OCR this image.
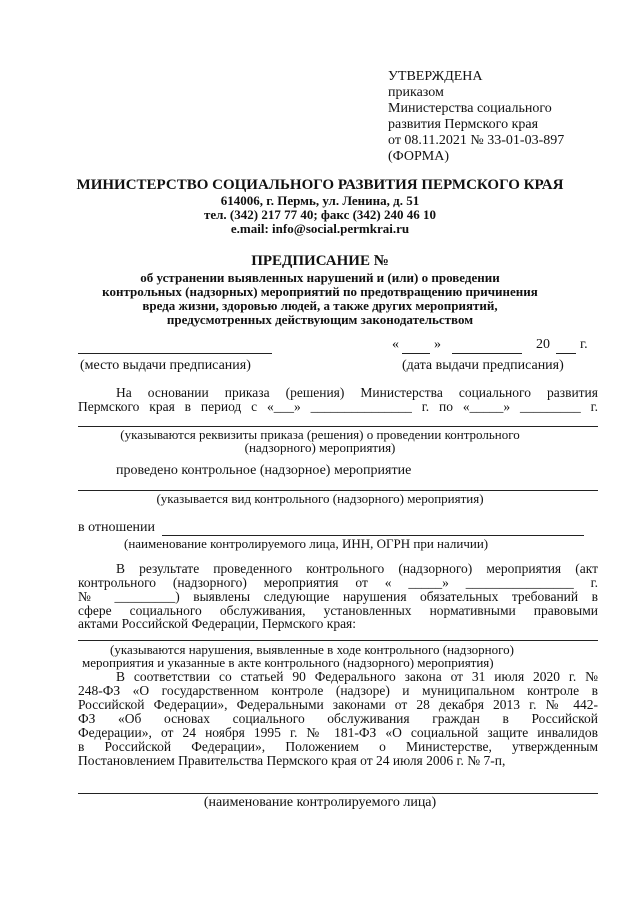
УТВЕРЖДЕНА
приказом
Министерства социального
развития Пермского края
от 08.11.2021 № 33-01-03-897
(ФОРМА)
МИНИСТЕРСТВО СОЦИАЛЬНОГО РАЗВИТИЯ ПЕРМСКОГО КРАЯ
614006, г. Пермь, ул. Ленина, д. 51
тел. (342) 217 77 40; факс (342) 240 46 10
e.mail: info@social.permkrai.ru
ПРЕДПИСАНИЕ №
об устранении выявленных нарушений и (или) о проведении
контрольных (надзорных) мероприятий по предотвращению причинения
вреда жизни, здоровью людей, а также других мероприятий,
предусмотренных действующим законодательством
«	»	20 г.
(место выдачи предписания)	(дата выдачи предписания)
На основании приказа (решения) Министерства социального развития
Пермского края в период с «___» _______________ г. по «_____» _________ г.
(указываются реквизиты приказа (решения) о проведении контрольного
(надзорного) мероприятия)
проведено контрольное (надзорное) мероприятие
(указывается вид контрольного (надзорного) мероприятия)
в отношении
(наименование контролируемого лица, ИНН, ОГРН при наличии)
В результате проведенного контрольного (надзорного) мероприятия (акт
контрольного (надзорного) мероприятия от « _____» ________________ г.
№ _________) выявлены следующие нарушения обязательных требований в
сфере социального обслуживания, установленных нормативными правовыми
актами Российской Федерации, Пермского края:
(указываются нарушения, выявленные в ходе контрольного (надзорного)
мероприятия и указанные в акте контрольного (надзорного) мероприятия)
В соответствии со статьей 90 Федерального закона от 31 июля 2020 г. №
248-ФЗ «О государственном контроле (надзоре) и муниципальном контроле в
Российской Федерации», Федеральными законами от 28 декабря 2013 г. № 442-
ФЗ «Об основах социального обслуживания граждан в Российской
Федерации», от 24 ноября 1995 г. № 181-ФЗ «О социальной защите инвалидов
в Российской Федерации», Положением о Министерстве, утвержденным
Постановлением Правительства Пермского края от 24 июля 2006 г. № 7-п,
(наименование контролируемого лица)
